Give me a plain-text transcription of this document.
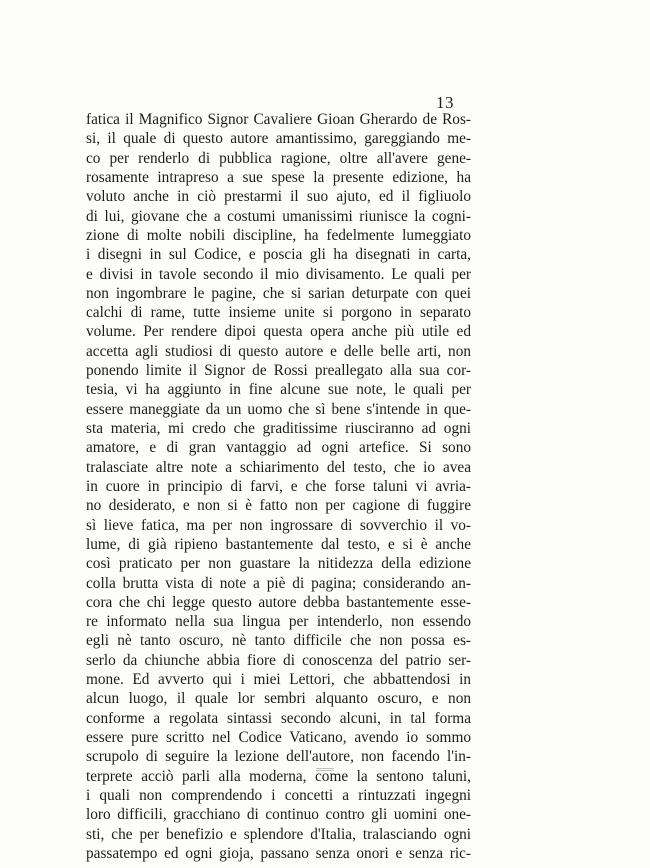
13
fatica il Magnifico Signor Cavaliere Gioan Gherardo de Ros-
si, il quale di questo autore amantissimo, gareggiando me-
co per renderlo di pubblica ragione, oltre all'avere gene-
rosamente intrapreso a sue spese la presente edizione, ha
voluto anche in ciò prestarmi il suo ajuto, ed il figliuolo
di lui, giovane che a costumi umanissimi riunisce la cogni-
zione di molte nobili discipline, ha fedelmente lumeggiato
i disegni in sul Codice, e poscia gli ha disegnati in carta,
e divisi in tavole secondo il mio divisamento. Le quali per
non ingombrare le pagine, che si sarian deturpate con quei
calchi di rame, tutte insieme unite si porgono in separato
volume. Per rendere dipoi questa opera anche più utile ed
accetta agli studiosi di questo autore e delle belle arti, non
ponendo limite il Signor de Rossi preallegato alla sua cor-
tesia, vi ha aggiunto in fine alcune sue note, le quali per
essere maneggiate da un uomo che sì bene s'intende in que-
sta materia, mi credo che graditissime riusciranno ad ogni
amatore, e di gran vantaggio ad ogni artefice. Si sono
tralasciate altre note a schiarimento del testo, che io avea
in cuore in principio di farvi, e che forse taluni vi avria-
no desiderato, e non si è fatto non per cagione di fuggire
sì lieve fatica, ma per non ingrossare di sovverchio il vo-
lume, di già ripieno bastantemente dal testo, e si è anche
così praticato per non guastare la nitidezza della edizione
colla brutta vista di note a piè di pagina; considerando an-
cora che chi legge questo autore debba bastantemente esse-
re informato nella sua lingua per intenderlo, non essendo
egli nè tanto oscuro, nè tanto difficile che non possa es-
serlo da chiunche abbia fiore di conoscenza del patrio ser-
mone. Ed avverto qui i miei Lettori, che abbattendosi in
alcun luogo, il quale lor sembri alquanto oscuro, e non
conforme a regolata sintassi secondo alcuni, in tal forma
essere pure scritto nel Codice Vaticano, avendo io sommo
scrupolo di seguire la lezione dell'autore, non facendo l'in-
terprete acciò parli alla moderna, come la sentono taluni,
i quali non comprendendo i concetti a rintuzzati ingegni
loro difficili, gracchiano di continuo contro gli uomini one-
sti, che per benefizio e splendore d'Italia, tralasciando ogni
passatempo ed ogni gioja, passano senza onori e senza ric-
